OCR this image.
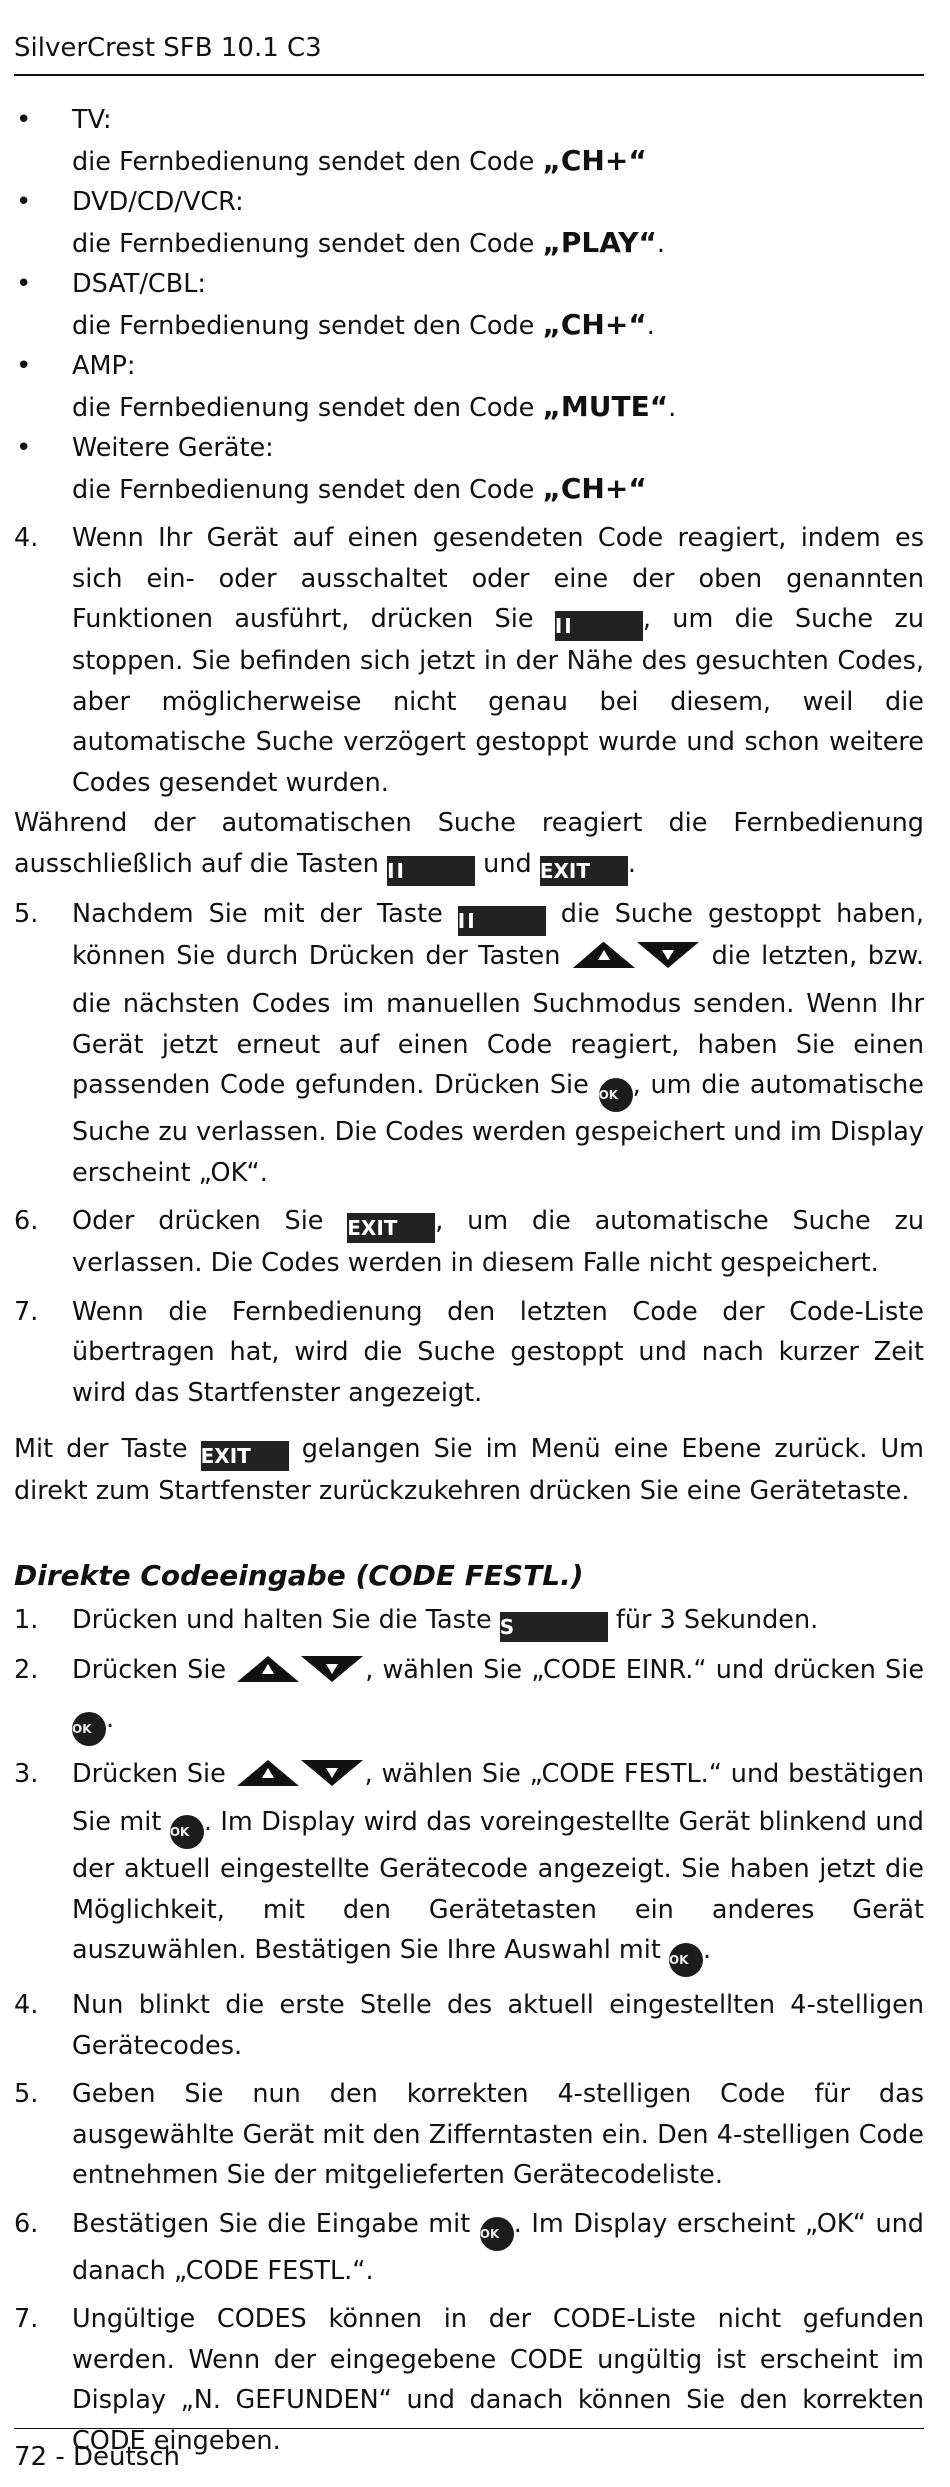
SilverCrest SFB 10.1 C3
• TV:
die Fernbedienung sendet den Code „CH+“
• DVD/CD/VCR:
die Fernbedienung sendet den Code „PLAY“.
• DSAT/CBL:
die Fernbedienung sendet den Code „CH+“.
• AMP:
die Fernbedienung sendet den Code „MUTE“.
• Weitere Geräte:
die Fernbedienung sendet den Code „CH+“
4. Wenn Ihr Gerät auf einen gesendeten Code reagiert, indem es sich ein- oder ausschaltet oder eine der oben genannten Funktionen ausführt, drücken Sie II	, um die Suche zu stoppen. Sie befinden sich jetzt in der Nähe des gesuchten Codes, aber möglicherweise nicht genau bei diesem, weil die automatische Suche verzögert gestoppt wurde und schon weitere Codes gesendet wurden.
Während der automatischen Suche reagiert die Fernbedienung ausschließlich auf die Tasten II	und EXIT .
5. Nachdem Sie mit der Taste II	die Suche gestoppt haben, können Sie durch Drücken der Tasten	die letzten, bzw. die nächsten Codes im manuellen Suchmodus senden. Wenn Ihr Gerät jetzt erneut auf einen Code reagiert, haben Sie einen passenden Code gefunden. Drücken Sie OK , um die automatische Suche zu verlassen. Die Codes werden gespeichert und im Display erscheint „OK“.
6. Oder drücken Sie EXIT , um die automatische Suche zu verlassen. Die Codes werden in diesem Falle nicht gespeichert.
7. Wenn die Fernbedienung den letzten Code der Code-Liste übertragen hat, wird die Suche gestoppt und nach kurzer Zeit wird das Startfenster angezeigt.
Mit der Taste EXIT gelangen Sie im Menü eine Ebene zurück. Um direkt zum Startfenster zurückzukehren drücken Sie eine Gerätetaste.
Direkte Codeeingabe (CODE FESTL.)
1. Drücken und halten Sie die Taste S	für 3 Sekunden.
2. Drücken Sie	, wählen Sie „CODE EINR.“ und drücken Sie OK .
3. Drücken Sie	, wählen Sie „CODE FESTL.“ und bestätigen Sie mit OK . Im Display wird das voreingestellte Gerät blinkend und der aktuell eingestellte Gerätecode angezeigt. Sie haben jetzt die Möglichkeit, mit den Gerätetasten ein anderes Gerät auszuwählen. Bestätigen Sie Ihre Auswahl mit OK .
4. Nun blinkt die erste Stelle des aktuell eingestellten 4-stelligen Gerätecodes.
5. Geben Sie nun den korrekten 4-stelligen Code für das ausgewählte Gerät mit den Zifferntasten ein. Den 4-stelligen Code entnehmen Sie der mitgelieferten Gerätecodeliste.
6. Bestätigen Sie die Eingabe mit OK . Im Display erscheint „OK“ und danach „CODE FESTL.“.
7. Ungültige CODES können in der CODE-Liste nicht gefunden werden. Wenn der eingegebene CODE ungültig ist erscheint im Display „N. GEFUNDEN“ und danach können Sie den korrekten CODE eingeben.
72 - Deutsch
